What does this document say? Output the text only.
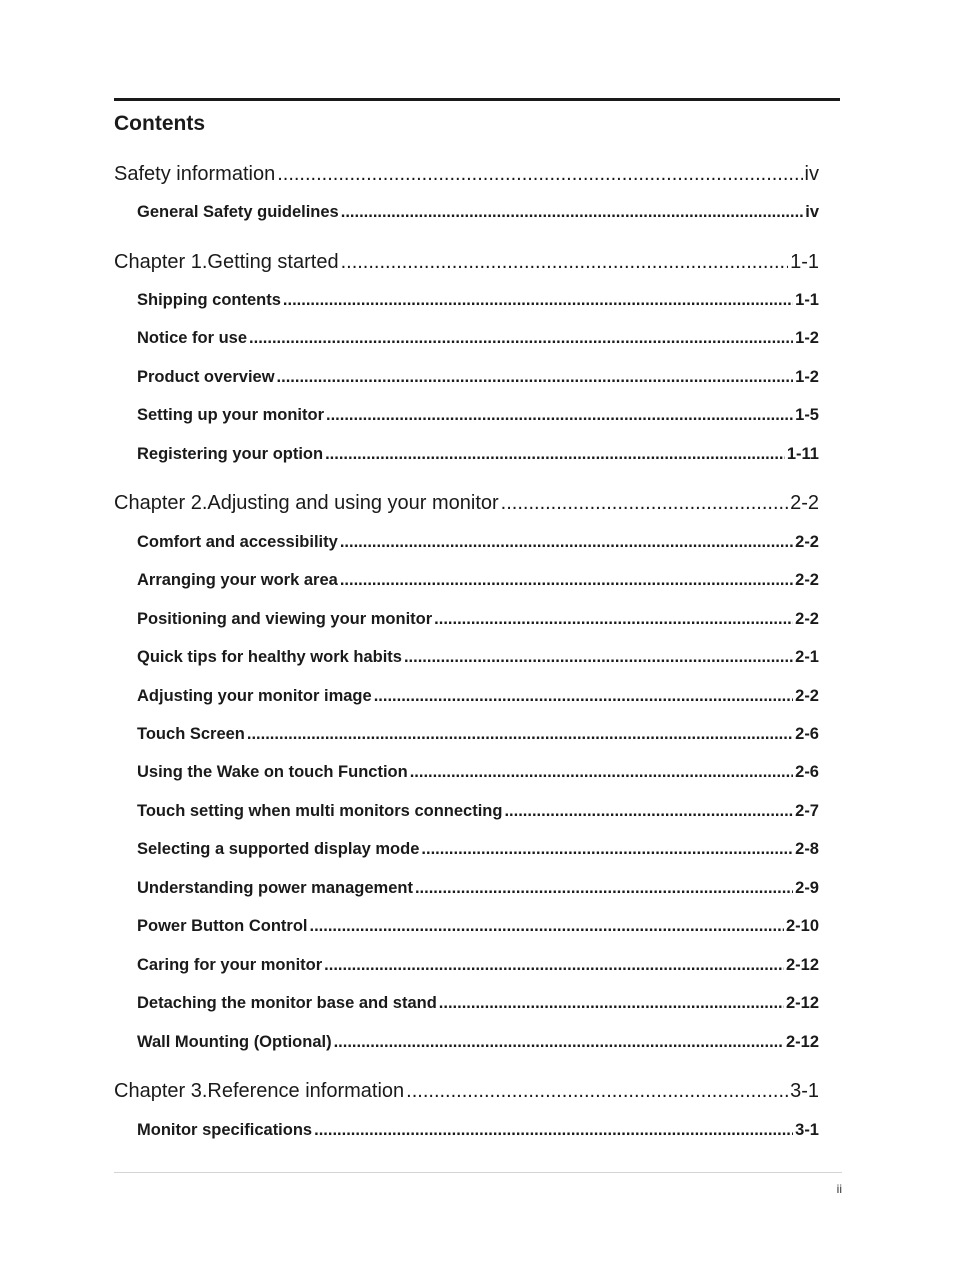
Contents
Safety information .....	iv
General Safety guidelines .....	iv
Chapter 1.Getting started .....	1-1
Shipping contents .....	1-1
Notice for use .....	1-2
Product overview .....	1-2
Setting up your monitor .....	1-5
Registering your option .....	1-11
Chapter 2.Adjusting and using your monitor .....	2-2
Comfort and accessibility .....	2-2
Arranging your work area .....	2-2
Positioning and viewing your monitor .....	2-2
Quick tips for healthy work habits .....	2-1
Adjusting your monitor image .....	2-2
Touch Screen .....	2-6
Using the Wake on touch Function .....	2-6
Touch setting when multi monitors connecting .....	2-7
Selecting a supported display mode .....	2-8
Understanding power management .....	2-9
Power Button Control .....	2-10
Caring for your monitor .....	2-12
Detaching the monitor base and stand .....	2-12
Wall Mounting (Optional) .....	2-12
Chapter 3.Reference information .....	3-1
Monitor specifications .....	3-1
ii
